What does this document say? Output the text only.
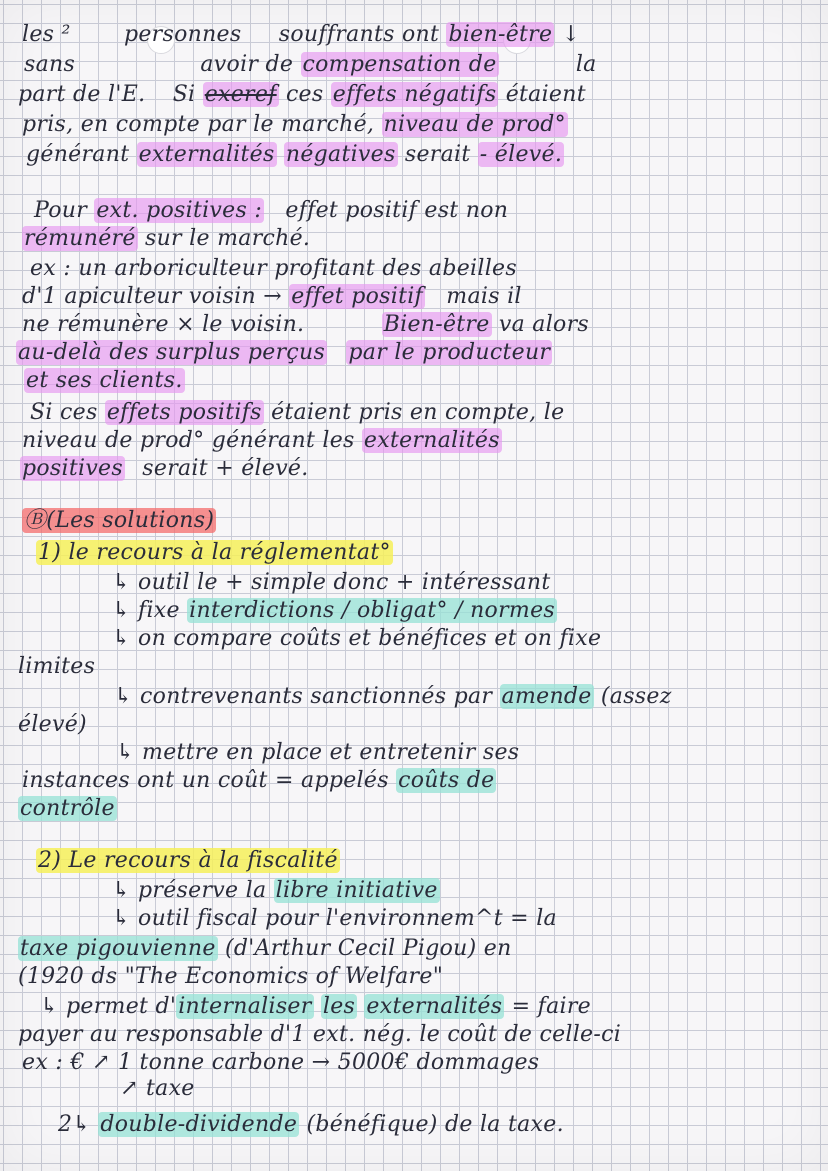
les ² personnes souffrants ont bien-être ↓
sans	avoir de compensation de	la
part de l'E. Si exeref ces effets négatifs étaient
pris, en compte par le marché, niveau de prod°
générant externalités négatives serait - élevé.
Pour ext. positives : effet positif est non
rémunéré sur le marché.
ex : un arboriculteur profitant des abeilles
d'1 apiculteur voisin → effet positif mais il
ne rémunère × le voisin.	Bien-être va alors
au-delà des surplus perçus par le producteur
et ses clients.
Si ces effets positifs étaient pris en compte, le
niveau de prod° générant les externalités
positives serait + élevé.
Ⓑ(Les solutions)
1) le recours à la réglementat°
↳ outil le + simple donc + intéressant
↳ fixe interdictions / obligat° / normes
↳ on compare coûts et bénéfices et on fixe
limites
↳ contrevenants sanctionnés par amende (assez
élevé)
↳ mettre en place et entretenir ses
instances ont un coût = appelés coûts de
contrôle
2) Le recours à la fiscalité
↳ préserve la libre initiative
↳ outil fiscal pour l'environnem^t = la
taxe pigouvienne (d'Arthur Cecil Pigou) en
(1920 ds "The Economics of Welfare"
↳ permet d'internaliser les externalités = faire
payer au responsable d'1 ext. nég. le coût de celle-ci
ex : € ↗ 1 tonne carbone → 5000€ dommages
↗ taxe
2↳ double-dividende (bénéfique) de la taxe.
